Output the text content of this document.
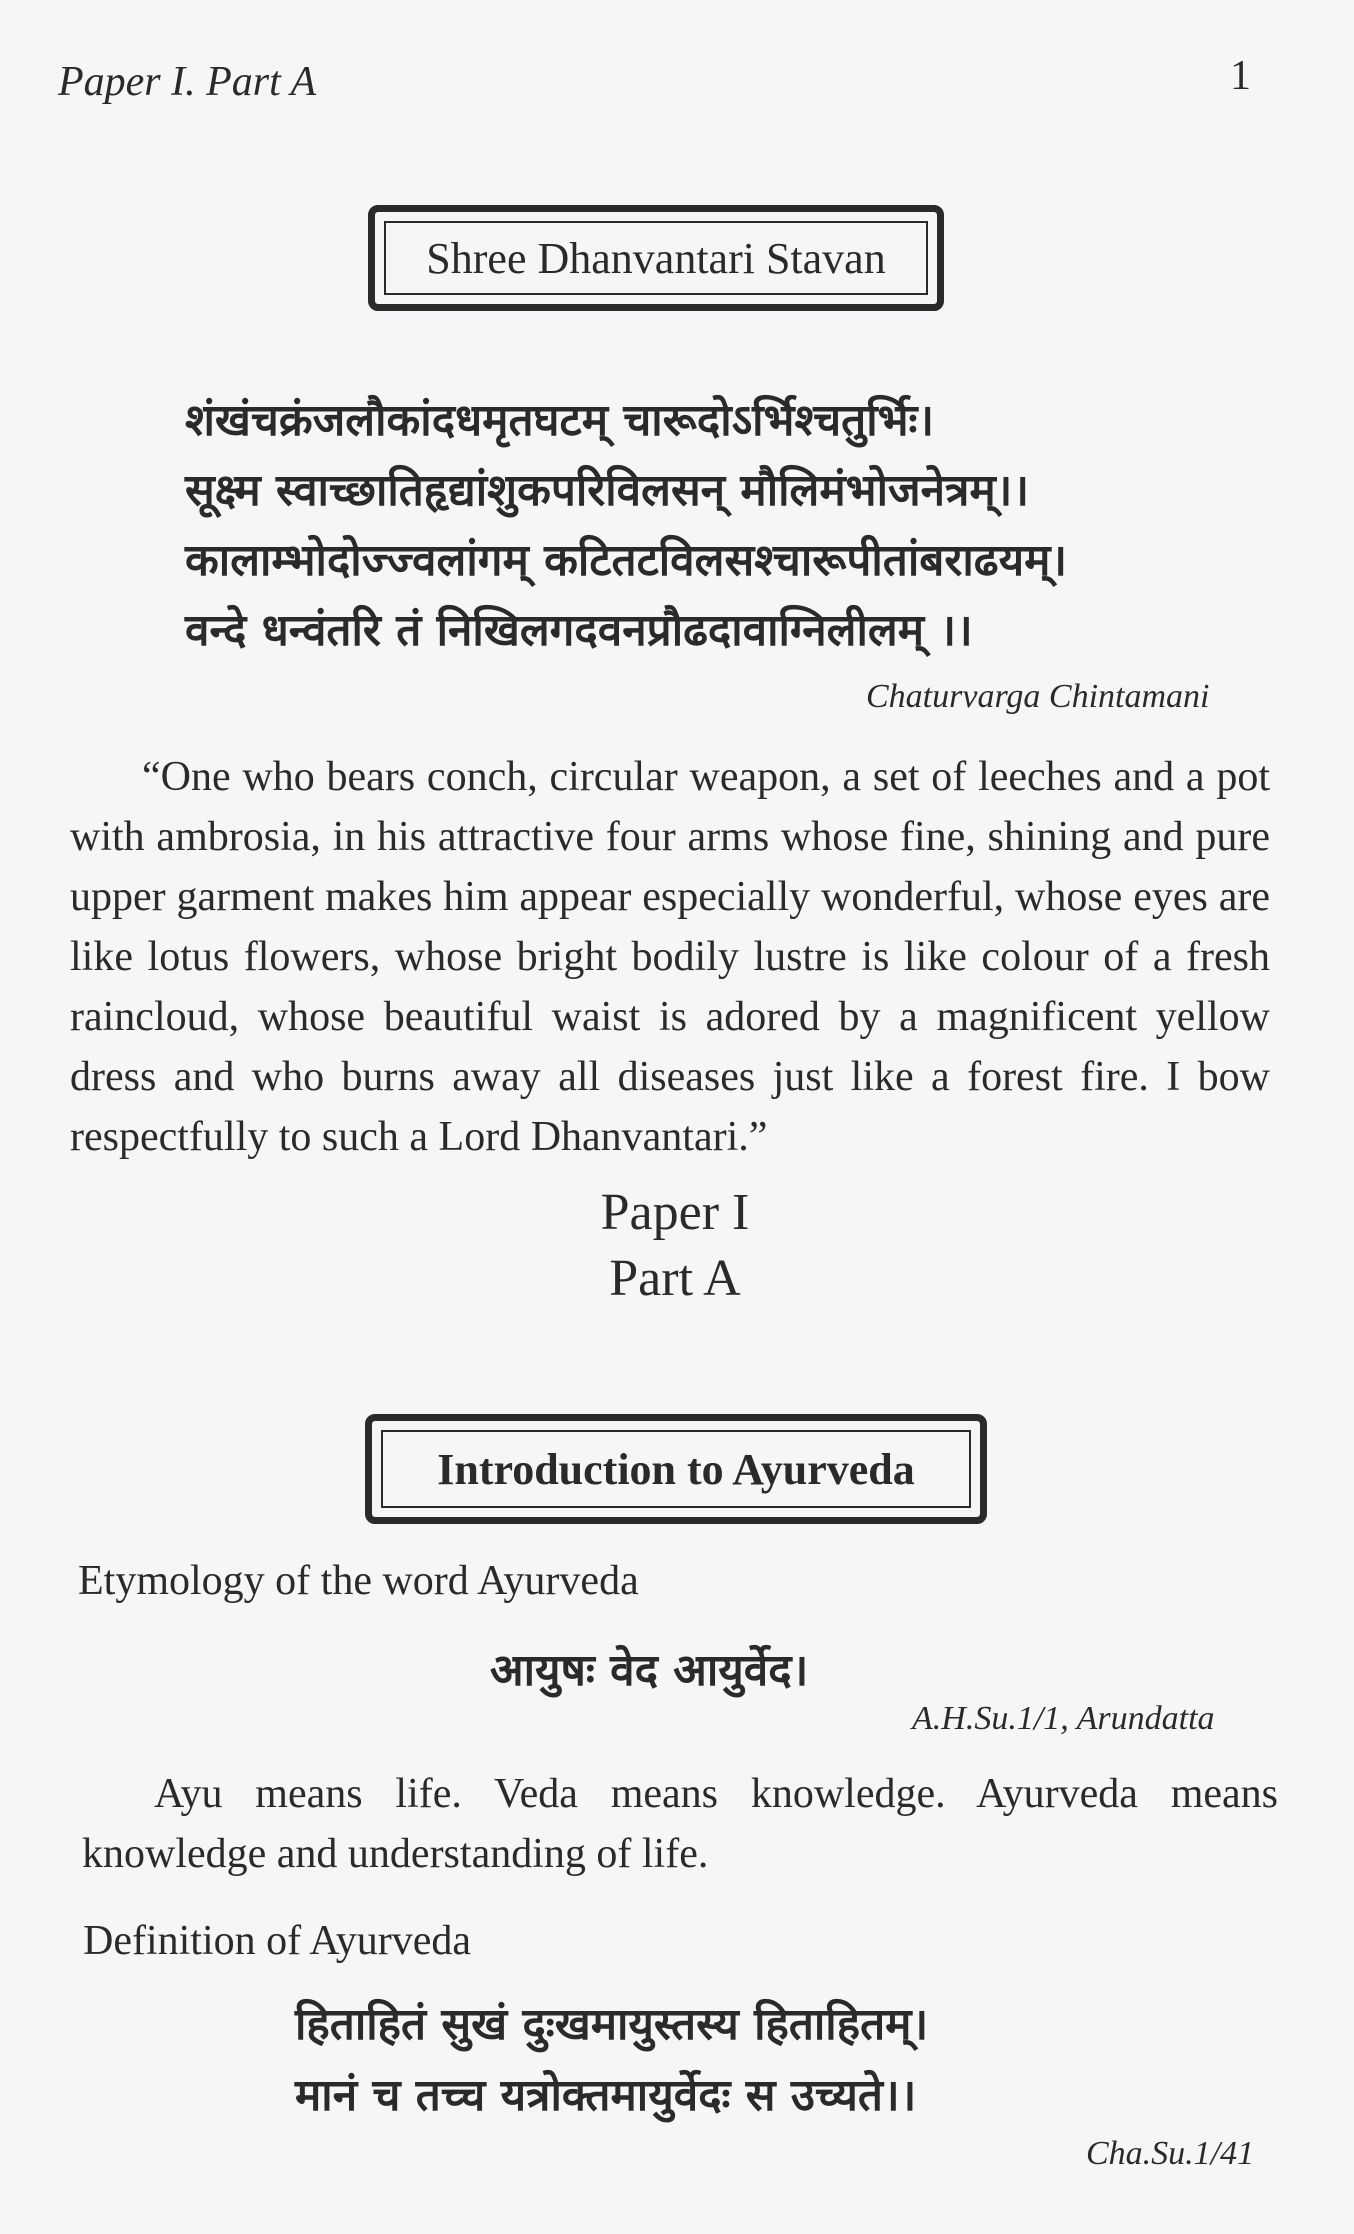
Paper I. Part A	1
Shree Dhanvantari Stavan
शंखंचक्रंजलौकांदधमृतघटम् चारूदोऽर्भिश्चतुर्भिः।
सूक्ष्म स्वाच्छातिहृद्यांशुकपरिविलसन् मौलिमंभोजनेत्रम्।।
कालाम्भोदोज्ज्वलांगम् कटितटविलसश्चारूपीतांबराढयम्।
वन्दे धन्वंतरि तं निखिलगदवनप्रौढदावाग्निलीलम् ।।
Chaturvarga Chintamani

“One who bears conch, circular weapon, a set of leeches and a pot with ambrosia, in his attractive four arms whose fine, shining and pure upper garment makes him appear especially wonderful, whose eyes are like lotus flowers, whose bright bodily lustre is like colour of a fresh raincloud, whose beautiful waist is adored by a magnificent yellow dress and who burns away all diseases just like a forest fire. I bow respectfully to such a Lord Dhanvantari.”

Paper I
Part A
Introduction to Ayurveda
Etymology of the word Ayurveda
आयुषः वेद आयुर्वेद।
A.H.Su.1/1, Arundatta

Ayu means life. Veda means knowledge. Ayurveda means knowledge and understanding of life.

Definition of Ayurveda
हिताहितं सुखं दुःखमायुस्तस्य हिताहितम्।
मानं च तच्च यत्रोक्तमायुर्वेदः स उच्यते।।
Cha.Su.1/41
